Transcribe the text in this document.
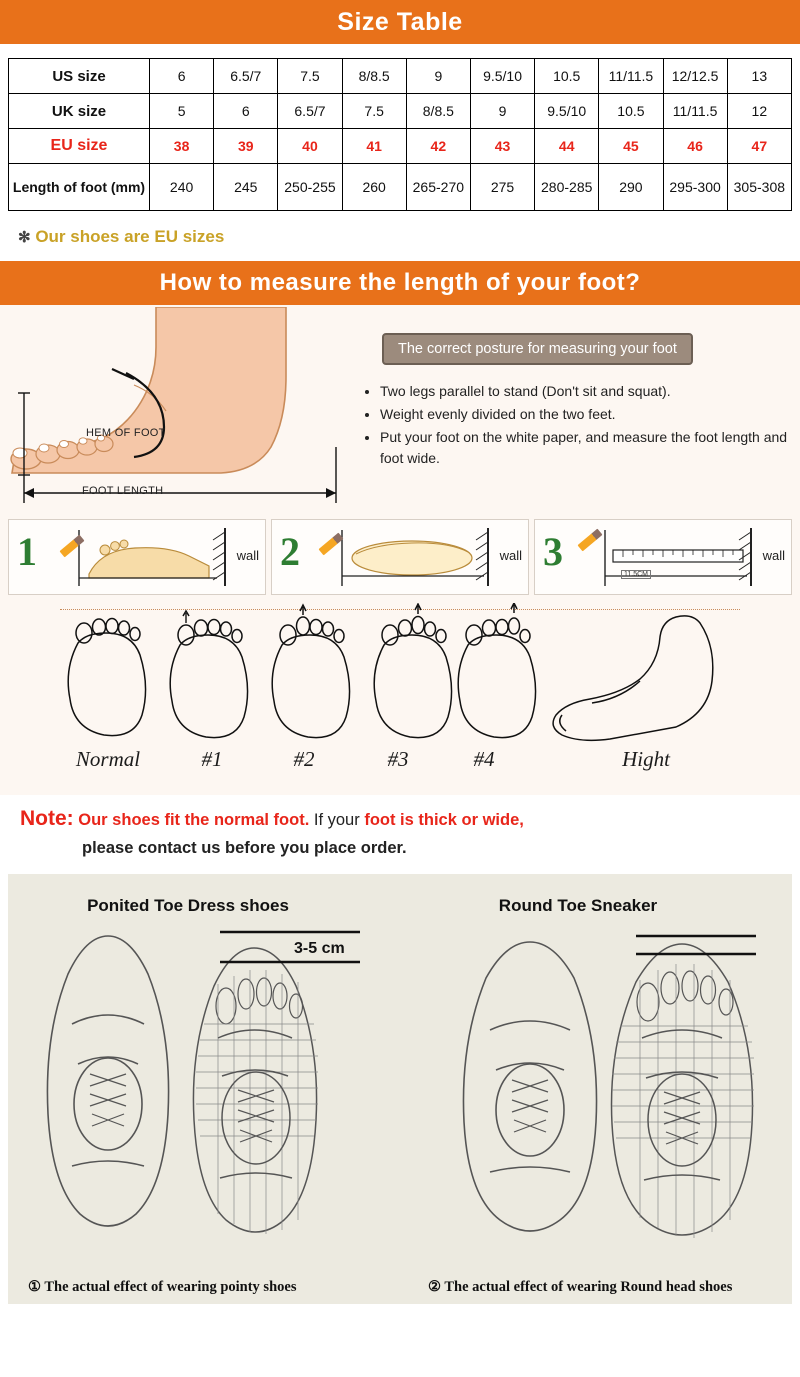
Size Table
US size	6	6.5/7	7.5	8/8.5	9	9.5/10	10.5	11/11.5	12/12.5	13
UK size	5	6	6.5/7	7.5	8/8.5	9	9.5/10	10.5	11/11.5	12
EU size	38	39	40	41	42	43	44	45	46	47
Length of foot (mm)	240	245	250-255	260	265-270	275	280-285	290	295-300	305-308
✻ Our shoes are EU sizes
How to measure the length of your foot?
HEM OF FOOT
FOOT LENGTH
The correct posture for measuring your foot
• Two legs parallel to stand (Don't sit and squat).
• Weight evenly divided on the two feet.
• Put your foot on the white paper, and measure the foot length and foot wide.
1	wall 2	wall 3
11.5CM
wall
Normal	#1	#2	#3	#4	Hight
Note: Our shoes fit the normal foot. If your foot is thick or wide,
please contact us before you place order.
Ponited Toe Dress shoes	Round Toe Sneaker
3-5 cm
① The actual effect of wearing pointy shoes	② The actual effect of wearing Round head shoes
